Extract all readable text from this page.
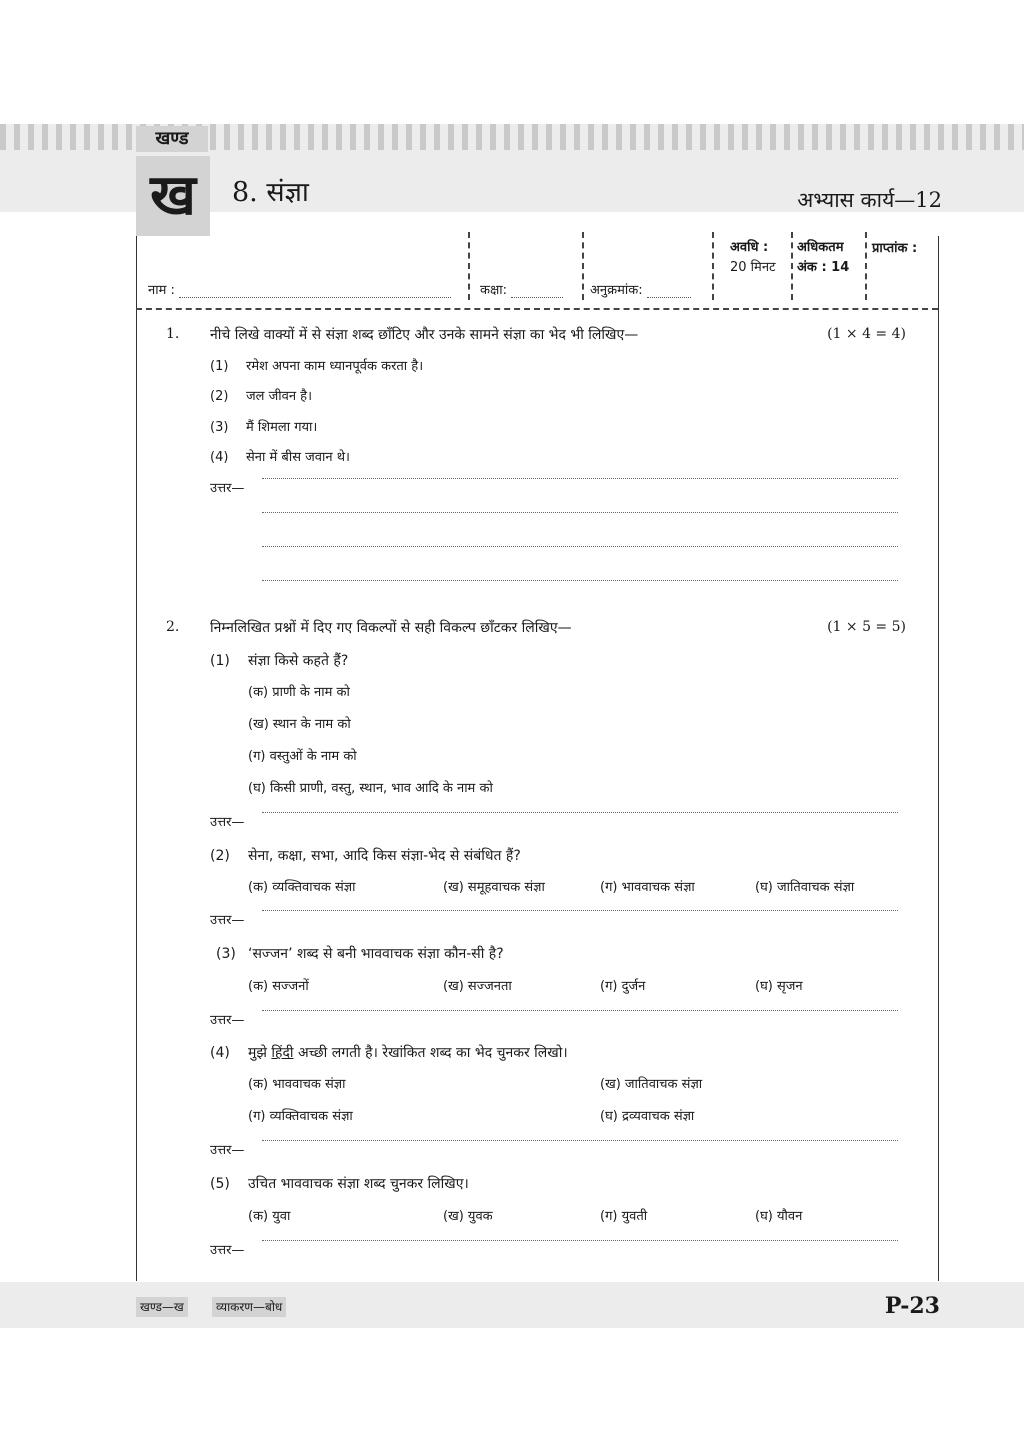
खण्ड
ख	8. संज्ञा	अभ्यास कार्य—12
नाम :	कक्षा:	अनुक्रमांक:
अवधि :
20 मिनट
अधिकतम
अंक : 14
प्राप्तांक :
1. नीचे लिखे वाक्यों में से संज्ञा शब्द छाँटिए और उनके सामने संज्ञा का भेद भी लिखिए—	(1 × 4 = 4)
(1) रमेश अपना काम ध्यानपूर्वक करता है।
(2) जल जीवन है।
(3) मैं शिमला गया।
(4) सेना में बीस जवान थे।
उत्तर—
2. निम्नलिखित प्रश्नों में दिए गए विकल्पों से सही विकल्प छाँटकर लिखिए—	(1 × 5 = 5)
(1) संज्ञा किसे कहते हैं?
(क) प्राणी के नाम को
(ख) स्थान के नाम को
(ग) वस्तुओं के नाम को
(घ) किसी प्राणी, वस्तु, स्थान, भाव आदि के नाम को
उत्तर—
(2) सेना, कक्षा, सभा, आदि किस संज्ञा-भेद से संबंधित हैं?
(क) व्यक्तिवाचक संज्ञा	(ख) समूहवाचक संज्ञा	(ग) भाववाचक संज्ञा	(घ) जातिवाचक संज्ञा
उत्तर—
(3) ‘सज्जन’ शब्द से बनी भाववाचक संज्ञा कौन-सी है?
(क) सज्जनों	(ख) सज्जनता	(ग) दुर्जन	(घ) सृजन
उत्तर—
(4) मुझे हिंदी अच्छी लगती है। रेखांकित शब्द का भेद चुनकर लिखो।
(क) भाववाचक संज्ञा	(ख) जातिवाचक संज्ञा
(ग) व्यक्तिवाचक संज्ञा	(घ) द्रव्यवाचक संज्ञा
उत्तर—
(5) उचित भाववाचक संज्ञा शब्द चुनकर लिखिए।
(क) युवा	(ख) युवक	(ग) युवती	(घ) यौवन
उत्तर—
खण्ड—ख	व्याकरण—बोध	P-23
